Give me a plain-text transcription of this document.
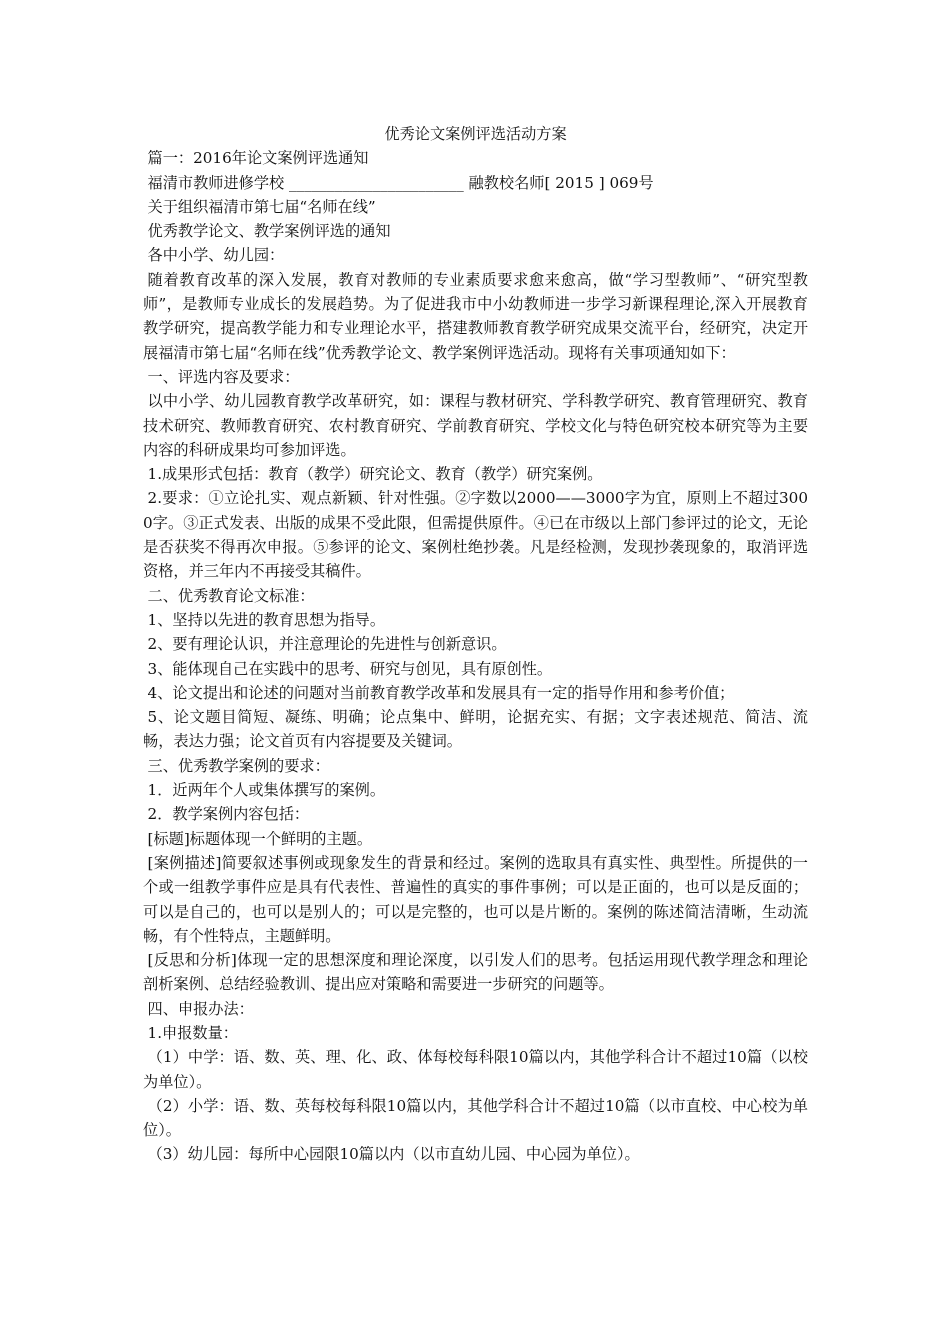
优秀论文案例评选活动方案

篇一：2016年论文案例评选通知

福清市教师进修学校 _______________________ 融教校名师[ 2015 ] 069号

关于组织福清市第七届“名师在线”

优秀教学论文、教学案例评选的通知

各中小学、幼儿园：

随着教育改革的深入发展，教育对教师的专业素质要求愈来愈高，做“学习型教师”、“研究型教师”，是教师专业成长的发展趋势。为了促进我市中小幼教师进一步学习新课程理论,深入开展教育教学研究，提高教学能力和专业理论水平，搭建教师教育教学研究成果交流平台，经研究，决定开展福清市第七届“名师在线”优秀教学论文、教学案例评选活动。现将有关事项通知如下：

一、评选内容及要求：

以中小学、幼儿园教育教学改革研究，如：课程与教材研究、学科教学研究、教育管理研究、教育技术研究、教师教育研究、农村教育研究、学前教育研究、学校文化与特色研究校本研究等为主要内容的科研成果均可参加评选。

1.成果形式包括：教育（教学）研究论文、教育（教学）研究案例。

2.要求：①立论扎实、观点新颖、针对性强。②字数以2000——3000字为宜，原则上不超过3000字。③正式发表、出版的成果不受此限，但需提供原件。④已在市级以上部门参评过的论文，无论是否获奖不得再次申报。⑤参评的论文、案例杜绝抄袭。凡是经检测，发现抄袭现象的，取消评选资格，并三年内不再接受其稿件。

二、优秀教育论文标准：

1、坚持以先进的教育思想为指导。

2、要有理论认识，并注意理论的先进性与创新意识。

3、能体现自己在实践中的思考、研究与创见，具有原创性。

4、论文提出和论述的问题对当前教育教学改革和发展具有一定的指导作用和参考价值；

5、论文题目简短、凝练、明确；论点集中、鲜明，论据充实、有据；文字表述规范、简洁、流畅，表达力强；论文首页有内容提要及关键词。

三、优秀教学案例的要求：

1．近两年个人或集体撰写的案例。

2．教学案例内容包括：

[标题]标题体现一个鲜明的主题。

[案例描述]简要叙述事例或现象发生的背景和经过。案例的选取具有真实性、典型性。所提供的一个或一组教学事件应是具有代表性、普遍性的真实的事件事例；可以是正面的，也可以是反面的；可以是自己的，也可以是别人的；可以是完整的，也可以是片断的。案例的陈述简洁清晰，生动流畅，有个性特点，主题鲜明。

[反思和分析]体现一定的思想深度和理论深度，以引发人们的思考。包括运用现代教学理念和理论剖析案例、总结经验教训、提出应对策略和需要进一步研究的问题等。

四、申报办法：

1.申报数量：

（1）中学：语、数、英、理、化、政、体每校每科限10篇以内，其他学科合计不超过10篇（以校为单位）。

（2）小学：语、数、英每校每科限10篇以内，其他学科合计不超过10篇（以市直校、中心校为单位）。

（3）幼儿园：每所中心园限10篇以内（以市直幼儿园、中心园为单位）。
